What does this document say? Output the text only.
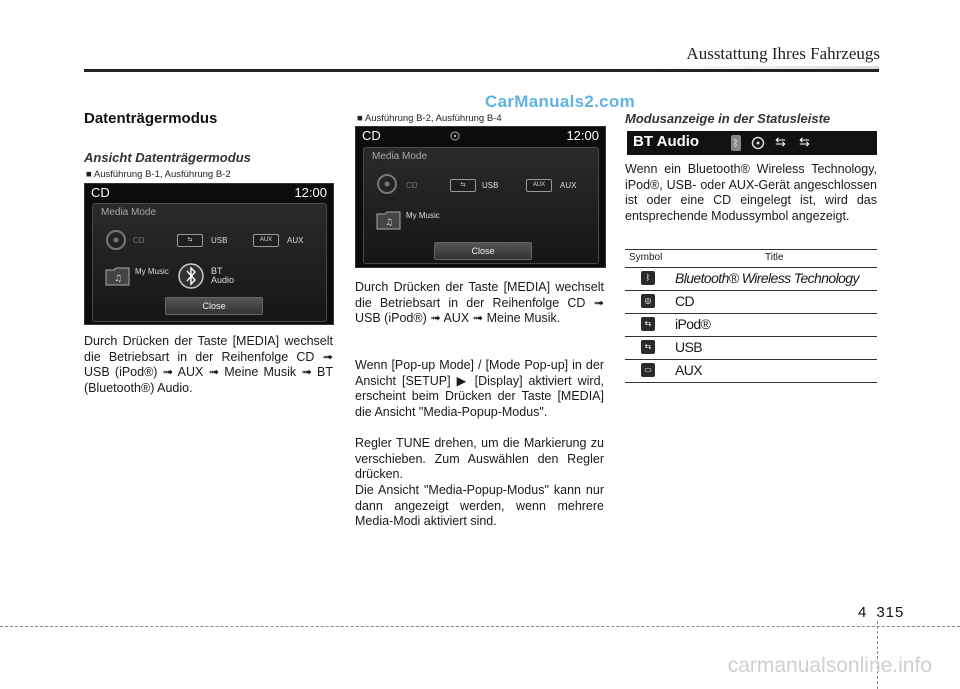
Ausstattung Ihres Fahrzeugs
CarManuals2.com
Datenträgermodus
Ansicht Datenträgermodus
■ Ausführung B-1, Ausführung B-2
CD	12:00
Media Mode
CD	⇆	USB	AUX	AUX
♫
My Music	BT Audio
Close
Durch Drücken der Taste [MEDIA] wechselt die Betriebsart in der Reihenfolge CD ➟ USB (iPod®) ➟ AUX ➟ Meine Musik ➟ BT (Bluetooth®) Audio.
■ Ausführung B-2, Ausführung B-4
CD	12:00
Media Mode
CD	⇆	USB	AUX	AUX
♫
My Music
Close
Durch Drücken der Taste [MEDIA] wechselt die Betriebsart in der Reihenfolge CD ➟ USB (iPod®) ➟ AUX ➟ Meine Musik.
Wenn [Pop-up Mode] / [Mode Pop-up] in der Ansicht [SETUP] ▶ [Display] aktiviert wird, erscheint beim Drücken der Taste [MEDIA] die Ansicht "Media-Popup-Modus".
Regler TUNE drehen, um die Markierung zu verschieben. Zum Auswählen den Regler drücken.
Die Ansicht "Media-Popup-Modus" kann nur dann angezeigt werden, wenn mehrere Media-Modi aktiviert sind.
Modusanzeige in der Statusleiste
BT Audio	ᛒ	⇆ ⇆
Wenn ein Bluetooth® Wireless Technology, iPod®, USB- oder AUX-Gerät angeschlossen ist oder eine CD eingelegt ist, wird das entsprechende Modussymbol angezeigt.
Symbol	Title
ᛒ	Bluetooth® Wireless Technology
◎ CD
⇆ iPod®
⇆ USB
▭ AUX
4 315
carmanualsonline.info
